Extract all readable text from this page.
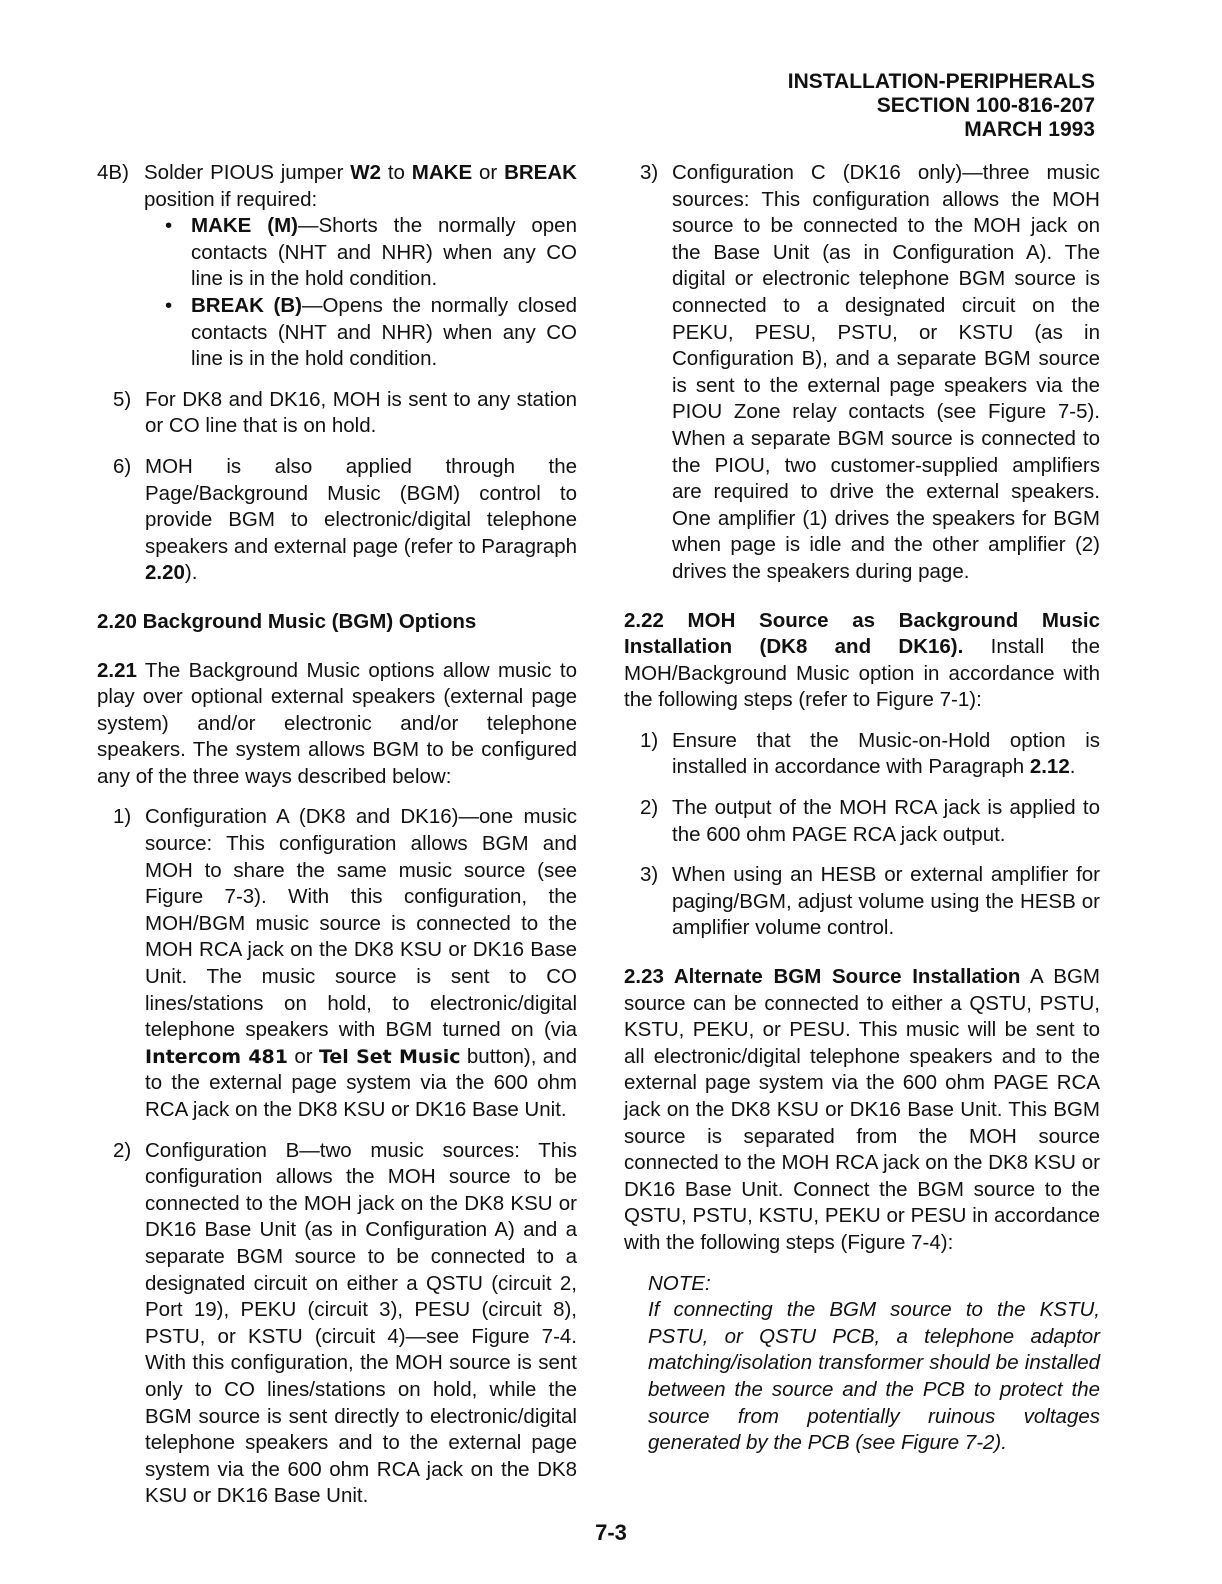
INSTALLATION-PERIPHERALS
SECTION 100-816-207
MARCH 1993
4B) Solder PIOUS jumper W2 to MAKE or BREAK position if required:
• MAKE (M)—Shorts the normally open contacts (NHT and NHR) when any CO line is in the hold condition.
• BREAK (B)—Opens the normally closed contacts (NHT and NHR) when any CO line is in the hold condition.
5) For DK8 and DK16, MOH is sent to any station or CO line that is on hold.
6) MOH is also applied through the Page/Background Music (BGM) control to provide BGM to electronic/digital telephone speakers and external page (refer to Paragraph 2.20).

2.20 Background Music (BGM) Options

2.21 The Background Music options allow music to play over optional external speakers (external page system) and/or electronic and/or telephone speakers. The system allows BGM to be configured any of the three ways described below:

1) Configuration A (DK8 and DK16)—one music source: This configuration allows BGM and MOH to share the same music source (see Figure 7-3). With this configuration, the MOH/BGM music source is connected to the MOH RCA jack on the DK8 KSU or DK16 Base Unit. The music source is sent to CO lines/stations on hold, to electronic/digital telephone speakers with BGM turned on (via Intercom 481 or Tel Set Music button), and to the external page system via the 600 ohm RCA jack on the DK8 KSU or DK16 Base Unit.
2) Configuration B—two music sources: This configuration allows the MOH source to be connected to the MOH jack on the DK8 KSU or DK16 Base Unit (as in Configuration A) and a separate BGM source to be connected to a designated circuit on either a QSTU (circuit 2, Port 19), PEKU (circuit 3), PESU (circuit 8), PSTU, or KSTU (circuit 4)—see Figure 7-4. With this configuration, the MOH source is sent only to CO lines/stations on hold, while the BGM source is sent directly to electronic/digital telephone speakers and to the external page system via the 600 ohm RCA jack on the DK8 KSU or DK16 Base Unit.
3) Configuration C (DK16 only)—three music sources: This configuration allows the MOH source to be connected to the MOH jack on the Base Unit (as in Configuration A). The digital or electronic telephone BGM source is connected to a designated circuit on the PEKU, PESU, PSTU, or KSTU (as in Configuration B), and a separate BGM source is sent to the external page speakers via the PIOU Zone relay contacts (see Figure 7-5). When a separate BGM source is connected to the PIOU, two customer-supplied amplifiers are required to drive the external speakers. One amplifier (1) drives the speakers for BGM when page is idle and the other amplifier (2) drives the speakers during page.

2.22 MOH Source as Background Music Installation (DK8 and DK16). Install the MOH/Background Music option in accordance with the following steps (refer to Figure 7-1):

1) Ensure that the Music-on-Hold option is installed in accordance with Paragraph 2.12.
2) The output of the MOH RCA jack is applied to the 600 ohm PAGE RCA jack output.
3) When using an HESB or external amplifier for paging/BGM, adjust volume using the HESB or amplifier volume control.

2.23 Alternate BGM Source Installation A BGM source can be connected to either a QSTU, PSTU, KSTU, PEKU, or PESU. This music will be sent to all electronic/digital telephone speakers and to the external page system via the 600 ohm PAGE RCA jack on the DK8 KSU or DK16 Base Unit. This BGM source is separated from the MOH source connected to the MOH RCA jack on the DK8 KSU or DK16 Base Unit. Connect the BGM source to the QSTU, PSTU, KSTU, PEKU or PESU in accordance with the following steps (Figure 7-4):

NOTE:

If connecting the BGM source to the KSTU, PSTU, or QSTU PCB, a telephone adaptor matching/isolation transformer should be installed between the source and the PCB to protect the source from potentially ruinous voltages generated by the PCB (see Figure 7-2).

7-3
